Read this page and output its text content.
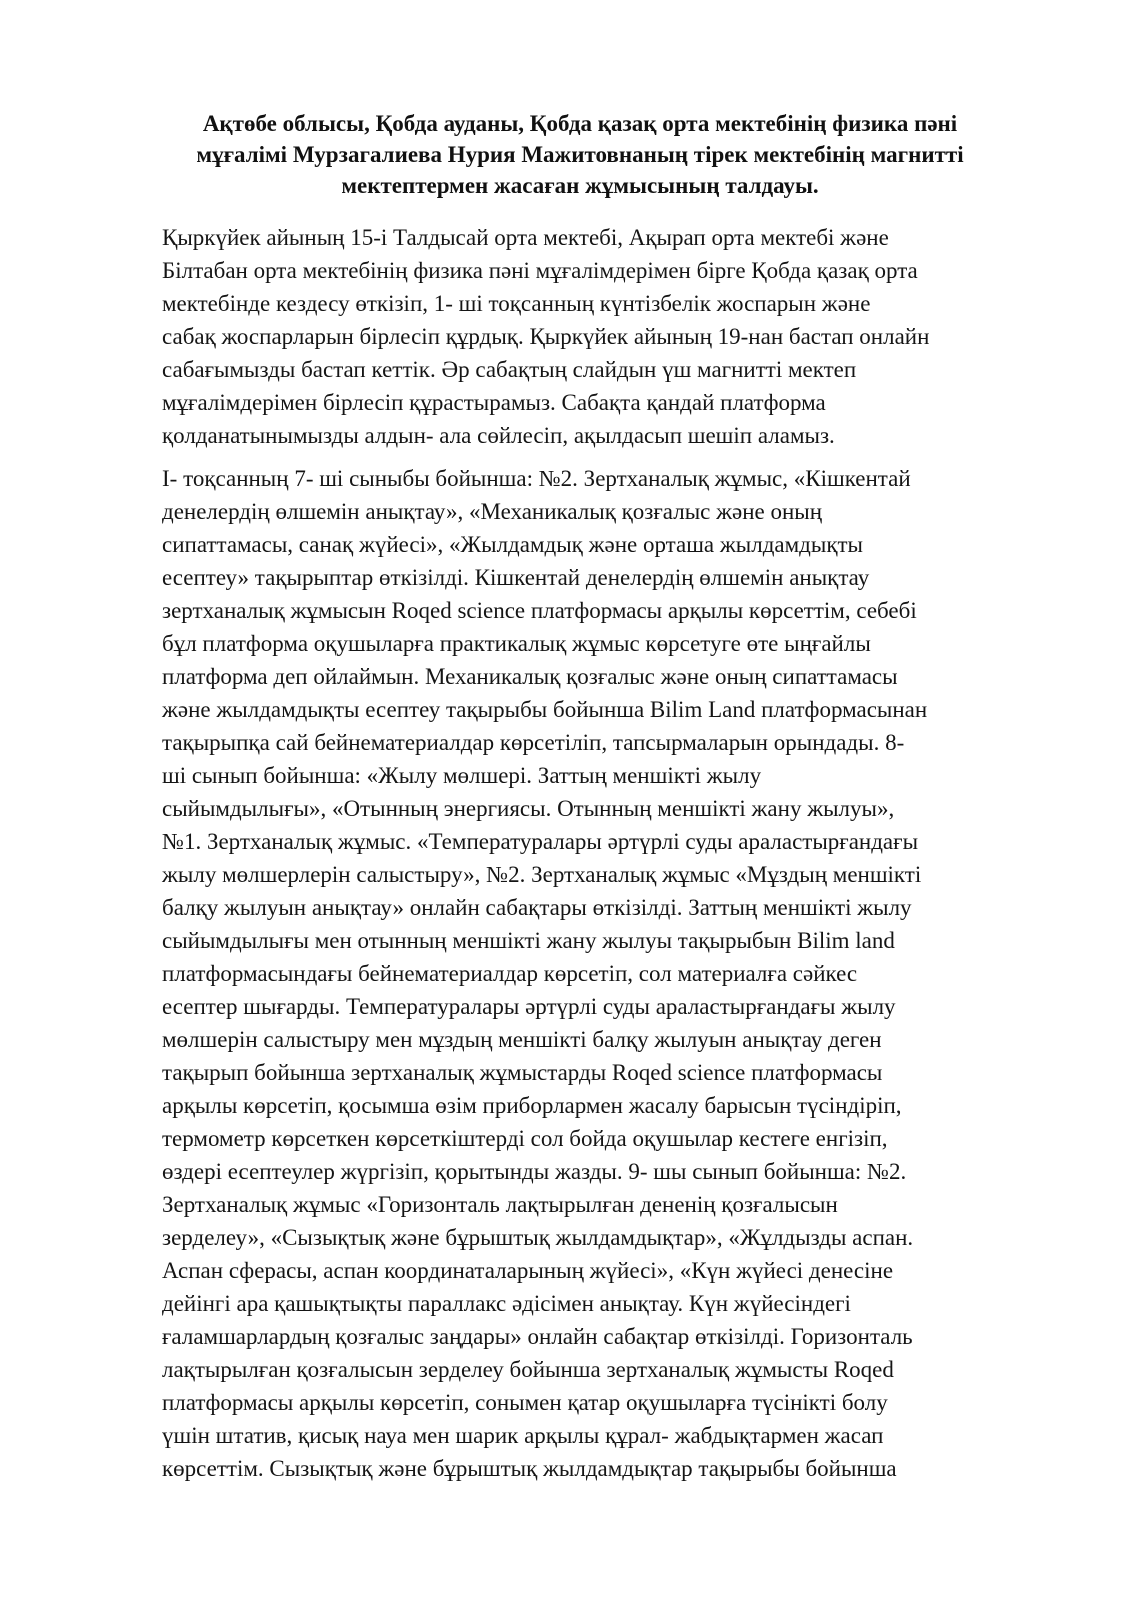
Ақтөбе облысы, Қобда ауданы, Қобда қазақ орта мектебінің физика пәні
мұғалімі Мурзагалиева Нурия Мажитовнаның тірек мектебінің магнитті
мектептермен жасаған жұмысының талдауы.

Қыркүйек айының 15-і Талдысай орта мектебі, Ақырап орта мектебі және
Білтабан орта мектебінің физика пәні мұғалімдерімен бірге Қобда қазақ орта
мектебінде кездесу өткізіп, 1- ші тоқсанның күнтізбелік жоспарын және
сабақ жоспарларын бірлесіп құрдық. Қыркүйек айының 19-нан бастап онлайн
сабағымызды бастап кеттік. Әр сабақтың слайдын үш магнитті мектеп
мұғалімдерімен бірлесіп құрастырамыз. Сабақта қандай платформа
қолданатынымызды алдын- ала сөйлесіп, ақылдасып шешіп аламыз.

І- тоқсанның 7- ші сыныбы бойынша: №2. Зертханалық жұмыс, «Кішкентай
денелердің өлшемін анықтау», «Механикалық қозғалыс және оның
сипаттамасы, санақ жүйесі», «Жылдамдық және орташа жылдамдықты
есептеу» тақырыптар өткізілді. Кішкентай денелердің өлшемін анықтау
зертханалық жұмысын Roqed science платформасы арқылы көрсеттім, себебі
бұл платформа оқушыларға практикалық жұмыс көрсетуге өте ыңғайлы
платформа деп ойлаймын. Механикалық қозғалыс және оның сипаттамасы
және жылдамдықты есептеу тақырыбы бойынша Bilim Land платформасынан
тақырыпқа сай бейнематериалдар көрсетіліп, тапсырмаларын орындады. 8-
ші сынып бойынша: «Жылу мөлшері. Заттың меншікті жылу
сыйымдылығы», «Отынның энергиясы. Отынның меншікті жану жылуы»,
№1. Зертханалық жұмыс. «Температуралары әртүрлі суды араластырғандағы
жылу мөлшерлерін салыстыру», №2. Зертханалық жұмыс «Мұздың меншікті
балқу жылуын анықтау» онлайн сабақтары өткізілді. Заттың меншікті жылу
сыйымдылығы мен отынның меншікті жану жылуы тақырыбын Bilim land
платформасындағы бейнематериалдар көрсетіп, сол материалға сәйкес
есептер шығарды. Температуралары әртүрлі суды араластырғандағы жылу
мөлшерін салыстыру мен мұздың меншікті балқу жылуын анықтау деген
тақырып бойынша зертханалық жұмыстарды Roqed science платформасы
арқылы көрсетіп, қосымша өзім приборлармен жасалу барысын түсіндіріп,
термометр көрсеткен көрсеткіштерді сол бойда оқушылар кестеге енгізіп,
өздері есептеулер жүргізіп, қорытынды жазды. 9- шы сынып бойынша: №2.
Зертханалық жұмыс «Горизонталь лақтырылған дененің қозғалысын
зерделеу», «Сызықтық және бұрыштық жылдамдықтар», «Жұлдызды аспан.
Аспан сферасы, аспан координаталарының жүйесі», «Күн жүйесі денесіне
дейінгі ара қашықтықты параллакс әдісімен анықтау. Күн жүйесіндегі
ғаламшарлардың қозғалыс заңдары» онлайн сабақтар өткізілді. Горизонталь
лақтырылған қозғалысын зерделеу бойынша зертханалық жұмысты Roqed
платформасы арқылы көрсетіп, сонымен қатар оқушыларға түсінікті болу
үшін штатив, қисық науа мен шарик арқылы құрал- жабдықтармен жасап
көрсеттім. Сызықтық және бұрыштық жылдамдықтар тақырыбы бойынша
